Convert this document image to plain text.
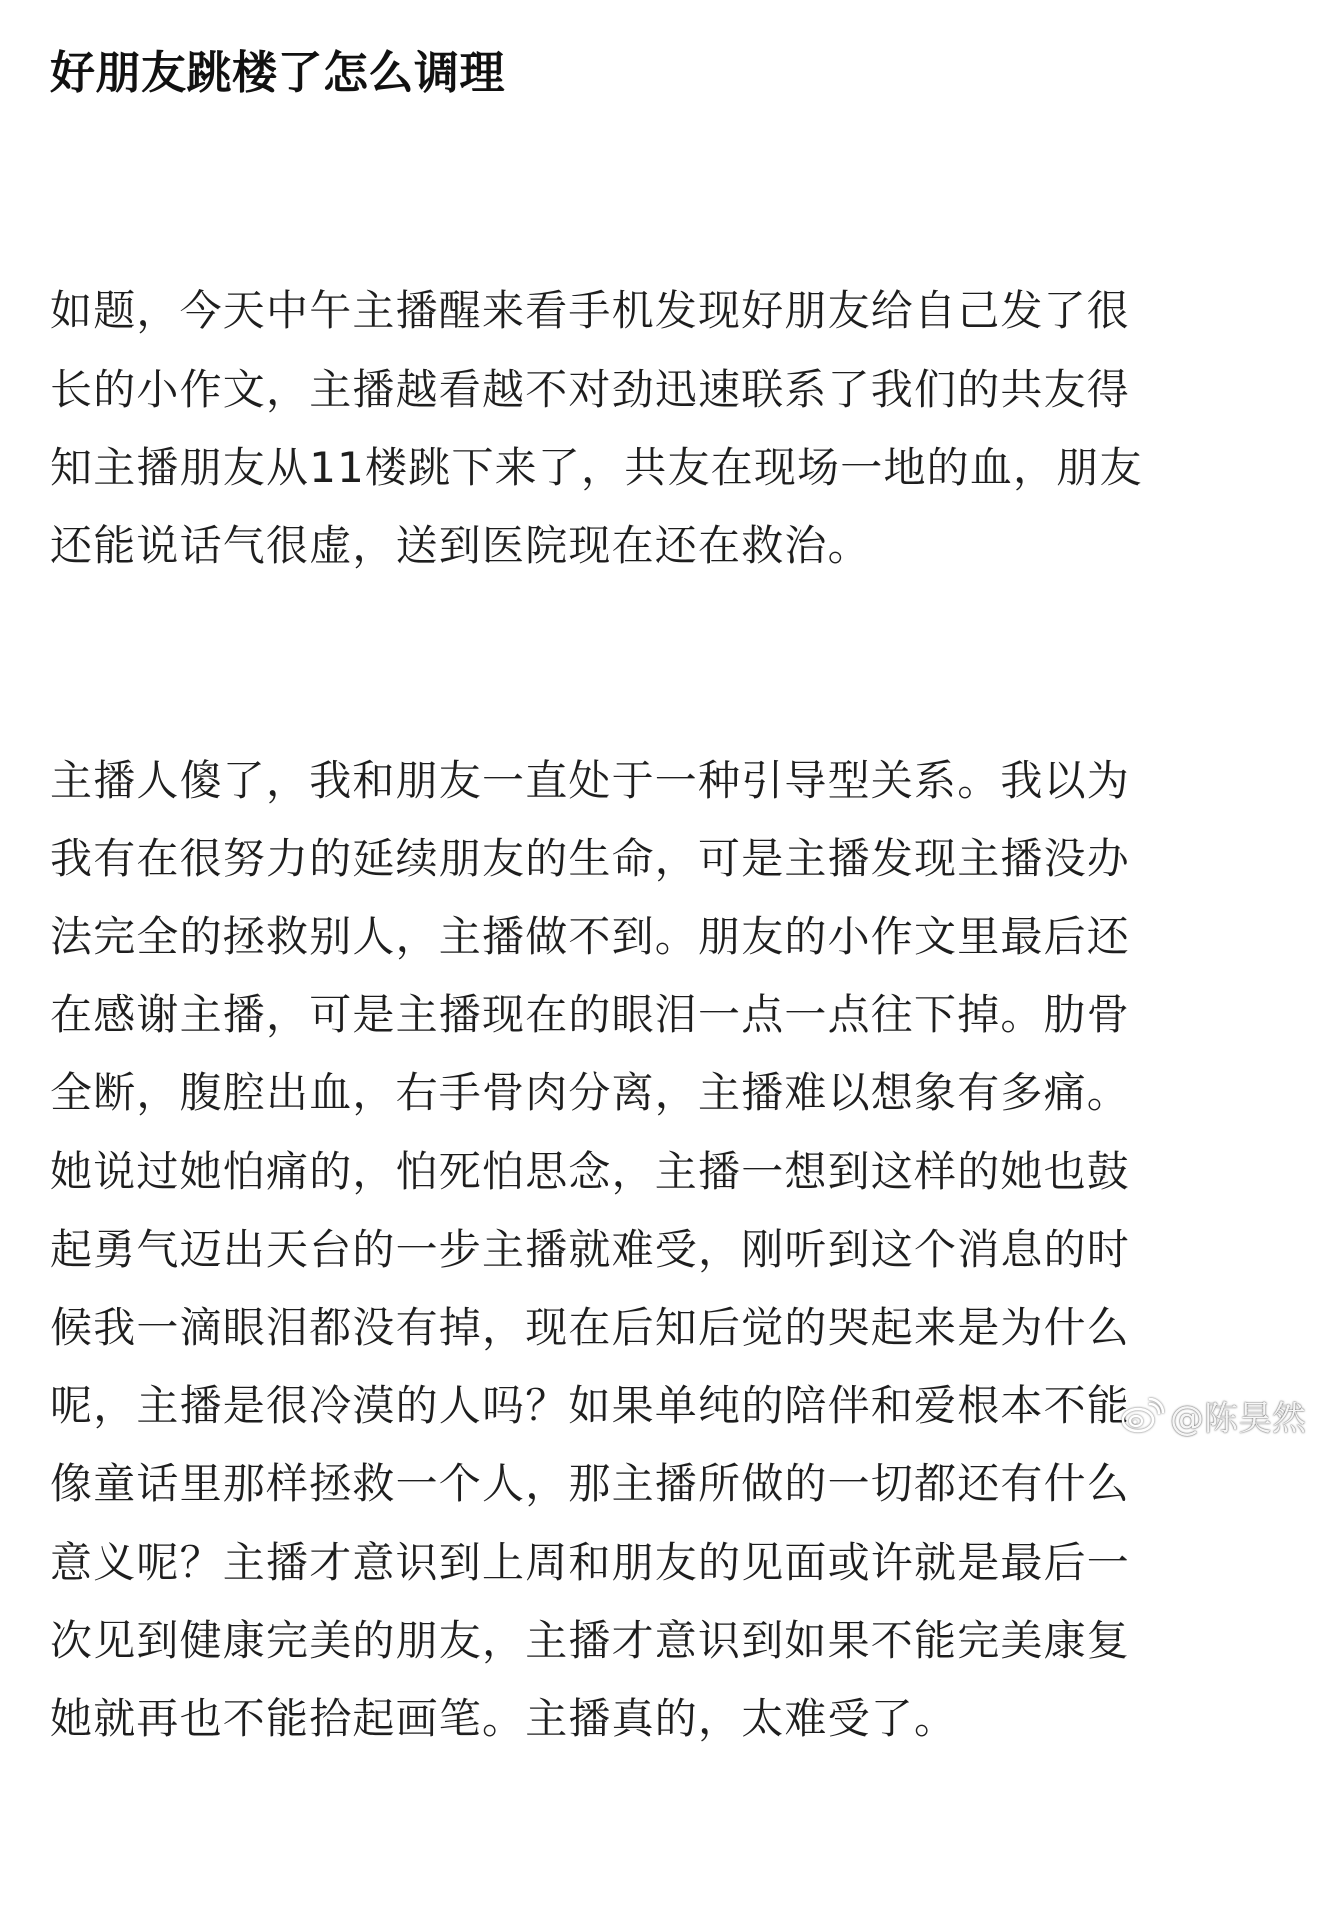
好朋友跳楼了怎么调理

如题，今天中午主播醒来看手机发现好朋友给自己发了很
长的小作文，主播越看越不对劲迅速联系了我们的共友得
知主播朋友从11楼跳下来了，共友在现场一地的血，朋友
还能说话气很虚，送到医院现在还在救治。

主播人傻了，我和朋友一直处于一种引导型关系。我以为
我有在很努力的延续朋友的生命，可是主播发现主播没办
法完全的拯救别人，主播做不到。朋友的小作文里最后还
在感谢主播，可是主播现在的眼泪一点一点往下掉。肋骨
全断，腹腔出血，右手骨肉分离，主播难以想象有多痛。
她说过她怕痛的，怕死怕思念，主播一想到这样的她也鼓
起勇气迈出天台的一步主播就难受，刚听到这个消息的时
候我一滴眼泪都没有掉，现在后知后觉的哭起来是为什么
呢，主播是很冷漠的人吗？如果单纯的陪伴和爱根本不能
像童话里那样拯救一个人，那主播所做的一切都还有什么
意义呢？主播才意识到上周和朋友的见面或许就是最后一
次见到健康完美的朋友，主播才意识到如果不能完美康复
她就再也不能拾起画笔。主播真的，太难受了。

@陈昊然
